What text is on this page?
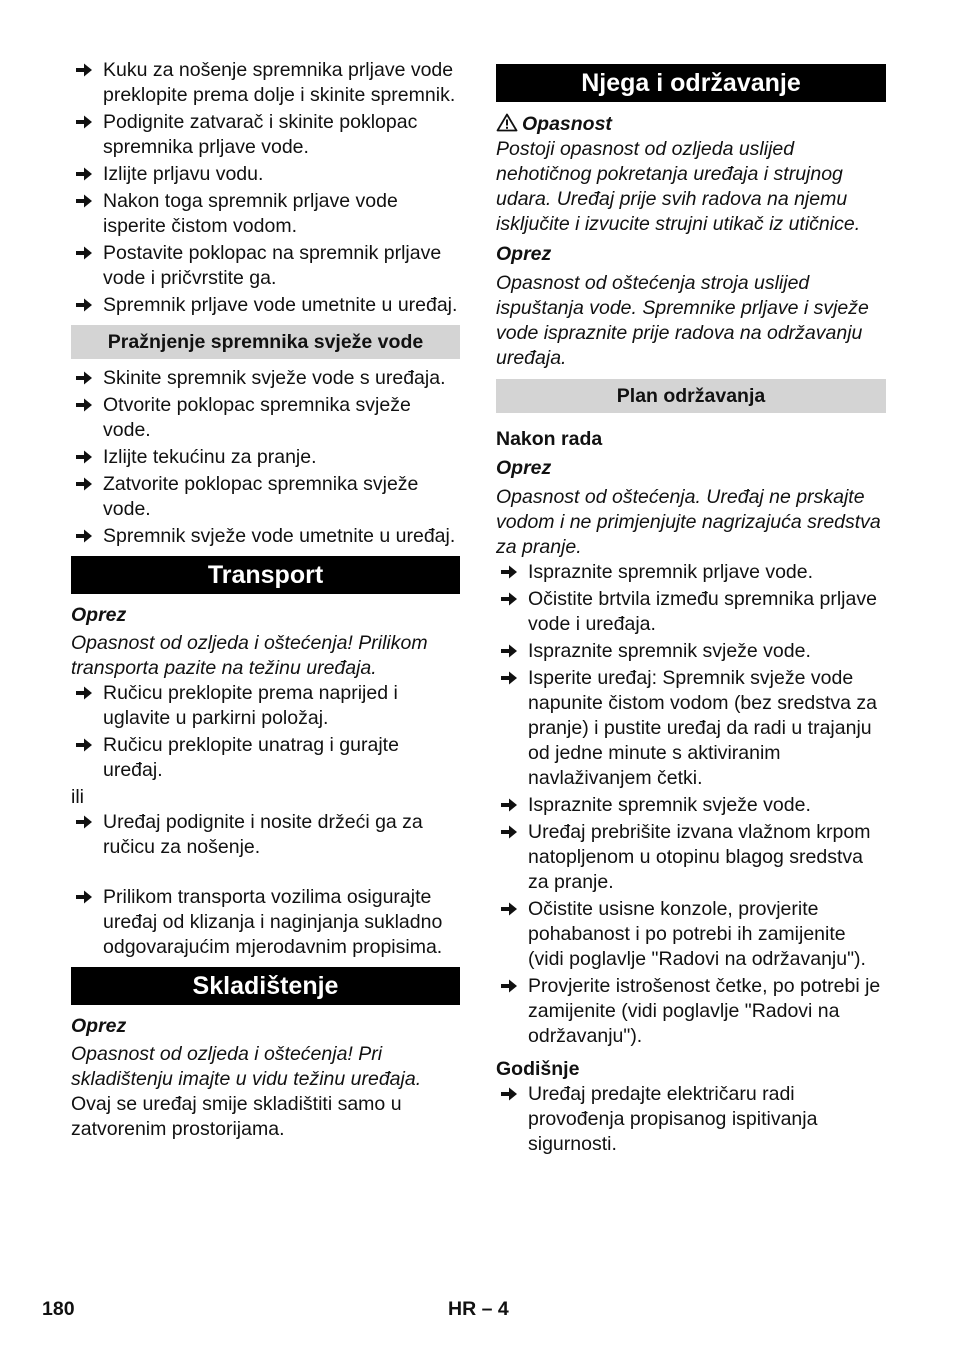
Kuku za nošenje spremnika prljave vode preklopite prema dolje i skinite spremnik.
Podignite zatvarač i skinite poklopac spremnika prljave vode.
Izlijte prljavu vodu.
Nakon toga spremnik prljave vode isperite čistom vodom.
Postavite poklopac na spremnik prljave vode i pričvrstite ga.
Spremnik prljave vode umetnite u uređaj.
Pražnjenje spremnika svježe vode
Skinite spremnik svježe vode s uređaja.
Otvorite poklopac spremnika svježe vode.
Izlijte tekućinu za pranje.
Zatvorite poklopac spremnika svježe vode.
Spremnik svježe vode umetnite u uređaj.
Transport
Oprez
Opasnost od ozljeda i oštećenja! Prilikom transporta pazite na težinu uređaja.
Ručicu preklopite prema naprijed i uglavite u parkirni položaj.
Ručicu preklopite unatrag i gurajte uređaj.
ili
Uređaj podignite i nosite držeći ga za ručicu za nošenje.
Prilikom transporta vozilima osigurajte uređaj od klizanja i naginjanja sukladno odgovarajućim mjerodavnim propisima.
Skladištenje
Oprez
Opasnost od ozljeda i oštećenja! Pri skladištenju imajte u vidu težinu uređaja.
Ovaj se uređaj smije skladištiti samo u zatvorenim prostorijama.
Njega i održavanje
Opasnost
Postoji opasnost od ozljeda uslijed nehotičnog pokretanja uređaja i strujnog udara. Uređaj prije svih radova na njemu isključite i izvucite strujni utikač iz utičnice.
Oprez
Opasnost od oštećenja stroja uslijed ispuštanja vode. Spremnike prljave i svježe vode ispraznite prije radova na održavanju uređaja.
Plan održavanja
Nakon rada
Oprez
Opasnost od oštećenja. Uređaj ne prskajte vodom i ne primjenjujte nagrizajuća sredstva za pranje.
Ispraznite spremnik prljave vode.
Očistite brtvila između spremnika prljave vode i uređaja.
Ispraznite spremnik svježe vode.
Isperite uređaj: Spremnik svježe vode napunite čistom vodom (bez sredstva za pranje) i pustite uređaj da radi u trajanju od jedne minute s aktiviranim navlaživanjem četki.
Ispraznite spremnik svježe vode.
Uređaj prebrišite izvana vlažnom krpom natopljenom u otopinu blagog sredstva za pranje.
Očistite usisne konzole, provjerite pohabanost i po potrebi ih zamijenite (vidi poglavlje "Radovi na održavanju").
Provjerite istrošenost četke, po potrebi je zamijenite (vidi poglavlje "Radovi na održavanju").
Godišnje
Uređaj predajte električaru radi provođenja propisanog ispitivanja sigurnosti.
180	HR – 4
